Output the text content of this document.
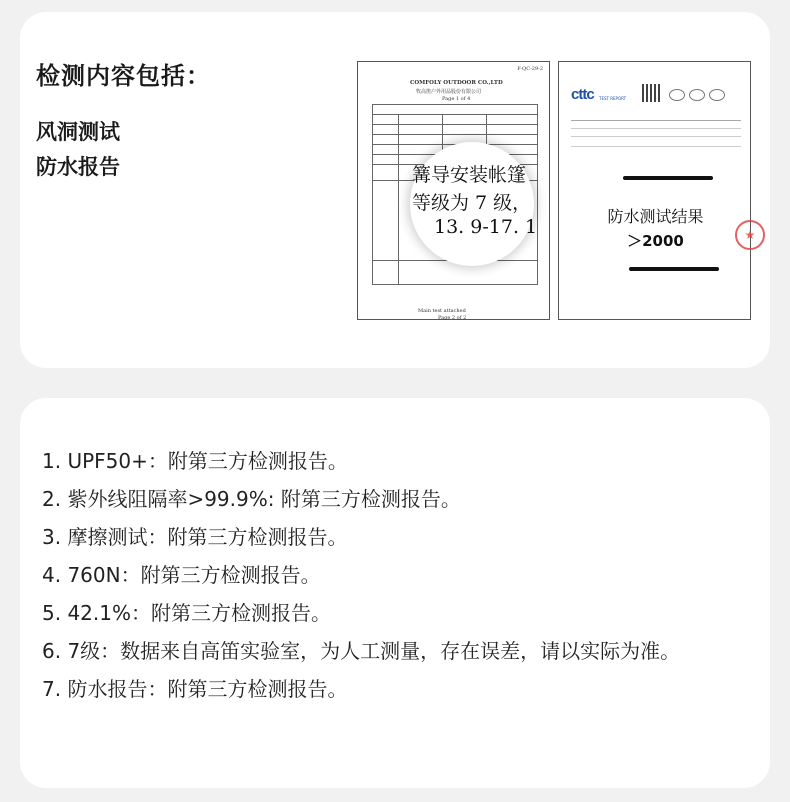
检测内容包括：
风洞测试
防水报告
F-QC-29-2
COMFOLY OUTDOOR CO.,LTD
牧高笛户外用品股份有限公司
Page 1 of 4
Main test attached
Page 2 of 2
篝导安装帐篷
等级为 7 级，
13. 9-17. 1
cttc TEST REPORT
防水测试结果
＞2000	★
1. UPF50+：附第三方检测报告。
2. 紫外线阻隔率>99.9%: 附第三方检测报告。
3. 摩擦测试：附第三方检测报告。
4. 760N：附第三方检测报告。
5. 42.1%：附第三方检测报告。
6. 7级：数据来自高笛实验室，为人工测量，存在误差，请以实际为准。
7. 防水报告：附第三方检测报告。
